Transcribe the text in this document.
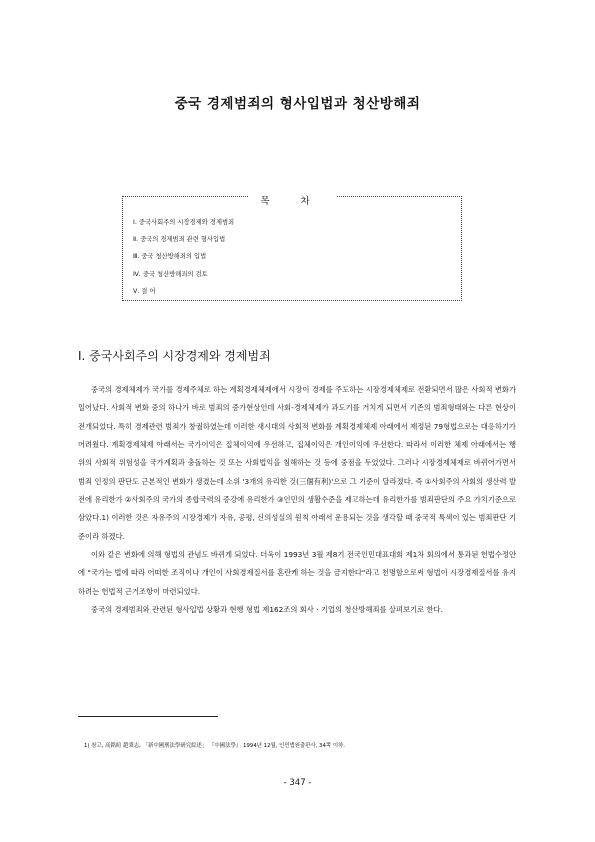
중국 경제범죄의 형사입법과 청산방해죄
목 차
Ⅰ. 중국사회주의 시장경제와 경제범죄
Ⅱ. 중국의 경제범죄 관련 형사입법
Ⅲ. 중국 청산방해죄의 입법
Ⅳ. 중국 청산방해죄의 검토
Ⅴ. 결 어
Ⅰ. 중국사회주의 시장경제와 경제범죄

중국의 경제체제가 국가를 경제주체로 하는 계획경제체제에서 시장이 경제를 주도하는 시장경제체제로 전환되면서 많은 사회적 변화가 일어났다. 사회적 변화 중의 하나가 바로 범죄의 증가현상인데 사회-경제체제가 과도기를 거치게 되면서 기존의 범죄형태와는 다른 현상이 전개되었다. 특히 경제관련 범죄가 창궐하였는데 이러한 새시대의 사회적 변화를 계획경제체제 아래에서 제정된 79형법으로는 대응하기가 어려웠다. 계획경제체제 아래서는 국가이익은 집체이익에 우선하고, 집체이익은 개인이익에 우선한다. 따라서 이러한 체제 아래에서는 행위의 사회적 위험성을 국가계획과 충돌하는 것 또는 사회법익을 침해하는 것 등에 중점을 두었었다. 그러나 시장경제체제로 바뀌어가면서 범죄 인정의 판단도 근본적인 변화가 생겼는데 소위 '3개의 유리한 것(三個有利)'으로 그 기준이 달라졌다. 즉 ①사회주의 사회의 생산력 발전에 유리한가 ②사회주의 국가의 종합국력의 증강에 유리한가 ③인민의 생활수준을 제고하는데 유리한가를 범죄판단의 주요 가치기준으로 삼았다.1) 이러한 것은 자유주의 시장경제가 자유, 공평, 신의성실의 원칙 아래서 운용되는 것을 생각할 때 중국적 특색이 있는 범죄판단 기준이라 하겠다.

이와 같은 변화에 의해 형법의 관념도 바뀌게 되었다. 더욱이 1993년 3월 제8기 전국인민대표대회 제1차 회의에서 통과된 헌법수정안에 "국가는 법에 따라 어떠한 조직이나 개인이 사회경제질서를 혼란케 하는 것을 금지한다"라고 천명함으로써 형법이 시장경제질서를 유지하려는 헌법적 근거조항이 마련되었다.

중국의 경제범죄와 관련된 형사입법 상황과 현행 형법 제162조의 회사ㆍ기업의 청산방해죄를 살펴보기로 한다.

1) 참고, 高銘暄 趙秉志, 「新中國刑法學研究綜述」 『中國法學』 1994년 12월, 인민법원출판사, 34쪽 이하.
- 347 -
